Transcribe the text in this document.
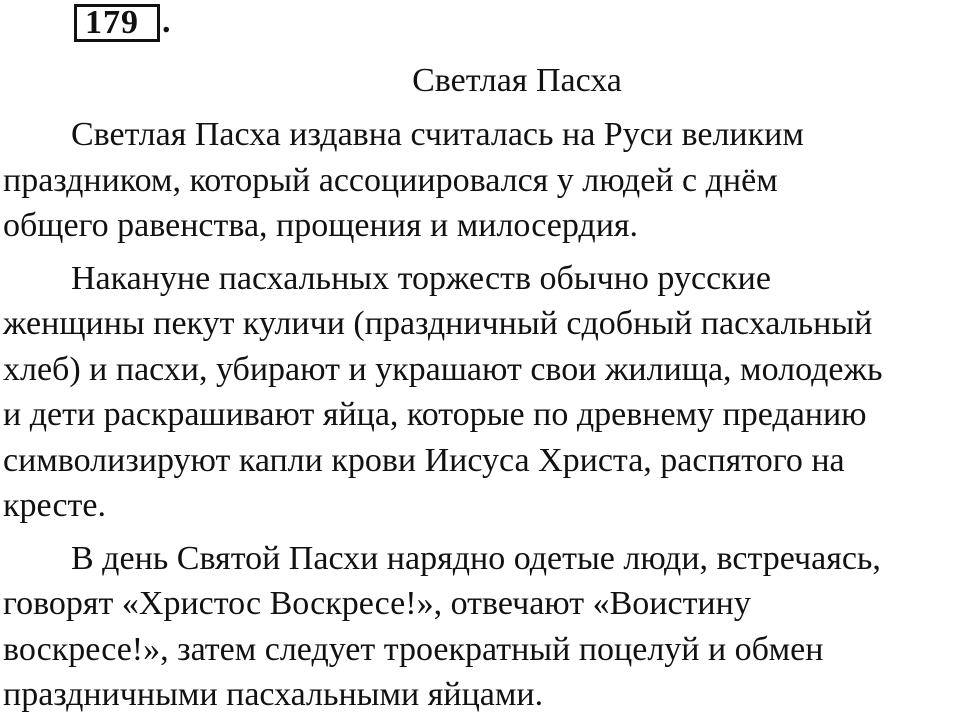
179 .
Светлая Пасха

Светлая Пасха издавна считалась на Руси великим
праздником, который ассоциировался у людей с днём
общего равенства, прощения и милосердия.

Накануне пасхальных торжеств обычно русские
женщины пекут куличи (праздничный сдобный пасхальный
хлеб) и пасхи, убирают и украшают свои жилища, молодежь
и дети раскрашивают яйца, которые по древнему преданию
символизируют капли крови Иисуса Христа, распятого на
кресте.

В день Святой Пасхи нарядно одетые люди, встречаясь,
говорят «Христос Воскресе!», отвечают «Воистину
воскресе!», затем следует троекратный поцелуй и обмен
праздничными пасхальными яйцами.
